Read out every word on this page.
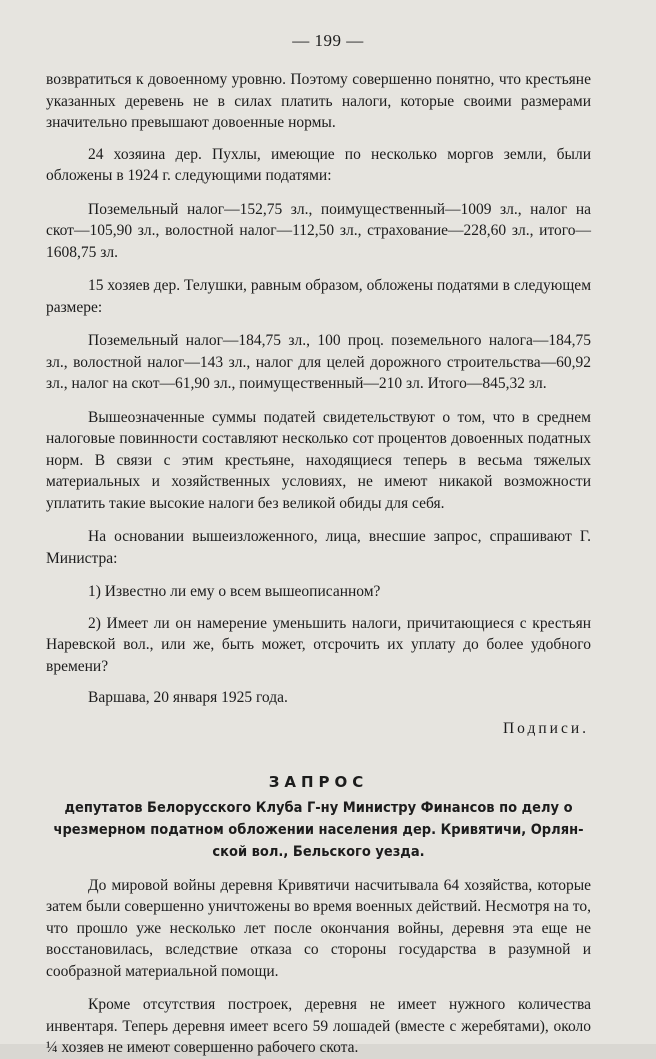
— 199 —

возвратиться к довоенному уровню. Поэтому совершенно понятно, что крестьяне указанных деревень не в силах платить налоги, которые своими размерами значительно превышают довоенные нормы.

24 хозяина дер. Пухлы, имеющие по несколько моргов земли, были обложены в 1924 г. следующими податями:

Поземельный налог—152,75 зл., поимущественный—1009 зл., налог на скот—105,90 зл., волостной налог—112,50 зл., страхование—228,60 зл., итого—1608,75 зл.

15 хозяев дер. Телушки, равным образом, обложены податями в следующем размере:

Поземельный налог—184,75 зл., 100 проц. поземельного налога—184,75 зл., волостной налог—143 зл., налог для целей дорожного строительства—60,92 зл., налог на скот—61,90 зл., поимущественный—210 зл. Итого—845,32 зл.

Вышеозначенные суммы податей свидетельствуют о том, что в среднем налоговые повинности составляют несколько сот процентов довоенных податных норм. В связи с этим крестьяне, находящиеся теперь в весьма тяжелых материальных и хозяйственных условиях, не имеют никакой возможности уплатить такие высокие налоги без великой обиды для себя.

На основании вышеизложенного, лица, внесшие запрос, спрашивают Г. Министра:

1) Известно ли ему о всем вышеописанном?

2) Имеет ли он намерение уменьшить налоги, причитающиеся с крестьян Наревской вол., или же, быть может, отсрочить их уплату до более удобного времени?

Варшава, 20 января 1925 года.

Подписи.

ЗАПРОС
депутатов Белорусского Клуба Г-ну Министру Финансов по делу о
чрезмерном податном обложении населения дер. Кривятичи, Орлян-
ской вол., Бельского уезда.

До мировой войны деревня Кривятичи насчитывала 64 хозяйства, которые затем были совершенно уничтожены во время военных действий. Несмотря на то, что прошло уже несколько лет после окончания войны, деревня эта еще не восстановилась, вследствие отказа со стороны государства в разумной и сообразной материальной помощи.

Кроме отсутствия построек, деревня не имеет нужного количества инвентаря. Теперь деревня имеет всего 59 лошадей (вместе с жеребятами), около ¼ хозяев не имеют совершенно рабочего скота.
